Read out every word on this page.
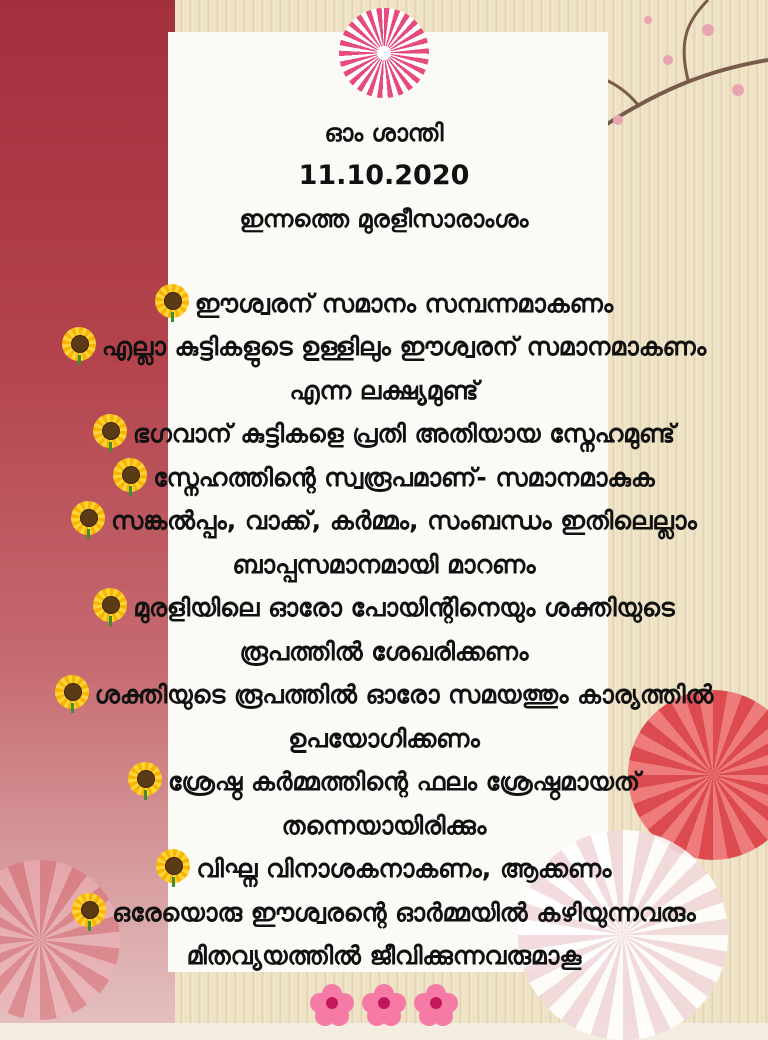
ഓം ശാന്തി
11.10.2020
ഇന്നത്തെ മുരളീസാരാംശം
ഈശ്വരന് സമാനം സമ്പന്നമാകണം
എല്ലാ കുട്ടികളുടെ ഉള്ളിലും ഈശ്വരന് സമാനമാകണം
എന്ന ലക്ഷ്യമുണ്ട്
ഭഗവാന് കുട്ടികളെ പ്രതി അതിയായ സ്നേഹമുണ്ട്
സ്നേഹത്തിന്റെ സ്വരൂപമാണ്- സമാനമാകുക
സങ്കൽപ്പം, വാക്ക്, കർമ്മം, സംബന്ധം ഇതിലെല്ലാം
ബാപ്പസമാനമായി മാറണം
മുരളിയിലെ ഓരോ പോയിന്റിനെയും ശക്തിയുടെ
രൂപത്തിൽ ശേഖരിക്കണം
ശക്തിയുടെ രൂപത്തിൽ ഓരോ സമയത്തും കാര്യത്തിൽ
ഉപയോഗിക്കണം
ശ്രേഷ്ഠ കർമ്മത്തിന്റെ ഫലം ശ്രേഷ്ഠമായത്
തന്നെയായിരിക്കും
വിഘ്ന വിനാശകനാകണം, ആക്കണം
ഒരേയൊരു ഈശ്വരന്റെ ഓർമ്മയിൽ കഴിയുന്നവരും
മിതവ്യയത്തിൽ ജീവിക്കുന്നവരുമാകൂ
